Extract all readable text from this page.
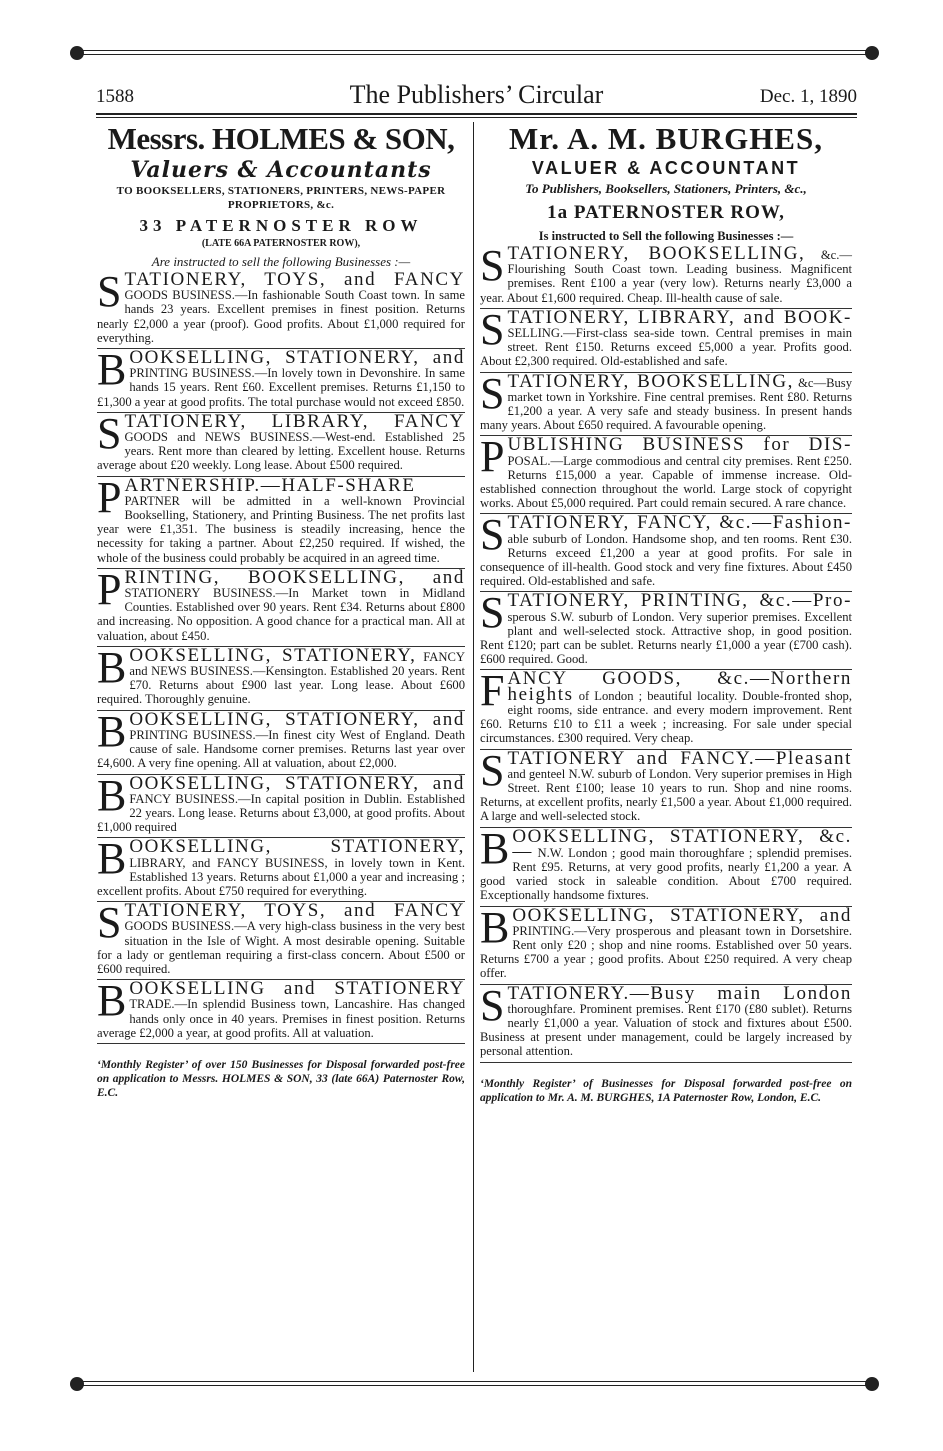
1588	The Publishers’ Circular	Dec. 1, 1890
Messrs. HOLMES & SON,
Valuers & Accountants
TO BOOKSELLERS, STATIONERS, PRINTERS, NEWS-PAPER PROPRIETORS, &c.
33 PATERNOSTER ROW
(LATE 66A PATERNOSTER ROW),
Are instructed to sell the following Businesses :—

STATIONERY, TOYS, and FANCY GOODS BUSINESS.—In fashionable South Coast town. In same hands 23 years. Excellent premises in finest position. Returns nearly £2,000 a year (proof). Good profits. About £1,000 required for everything.

BOOKSELLING, STATIONERY, and PRINTING BUSINESS.—In lovely town in Devonshire. In same hands 15 years. Rent £60. Excellent premises. Returns £1,150 to £1,300 a year at good profits. The total purchase would not exceed £850.

STATIONERY, LIBRARY, FANCY GOODS and NEWS BUSINESS.—West-end. Established 25 years. Rent more than cleared by letting. Excellent house. Returns average about £20 weekly. Long lease. About £500 required.

PARTNERSHIP.—HALF-SHARE PARTNER will be admitted in a well-known Provincial Bookselling, Stationery, and Printing Business. The net profits last year were £1,351. The business is steadily increasing, hence the necessity for taking a partner. About £2,250 required. If wished, the whole of the business could probably be acquired in an agreed time.

PRINTING, BOOKSELLING, and STATIONERY BUSINESS.—In Market town in Midland Counties. Established over 90 years. Rent £34. Returns about £800 and increasing. No opposition. A good chance for a practical man. All at valuation, about £450.

BOOKSELLING, STATIONERY, FANCY and NEWS BUSINESS.—Kensington. Established 20 years. Rent £70. Returns about £900 last year. Long lease. About £600 required. Thoroughly genuine.

BOOKSELLING, STATIONERY, and PRINTING BUSINESS.—In finest city West of England. Death cause of sale. Handsome corner premises. Returns last year over £4,600. A very fine opening. All at valuation, about £2,000.

BOOKSELLING, STATIONERY, and FANCY BUSINESS.—In capital position in Dublin. Established 22 years. Long lease. Returns about £3,000, at good profits. About £1,000 required

BOOKSELLING, STATIONERY, LIBRARY, and FANCY BUSINESS, in lovely town in Kent. Established 13 years. Returns about £1,000 a year and increasing ; excellent profits. About £750 required for everything.

STATIONERY, TOYS, and FANCY GOODS BUSINESS.—A very high-class business in the very best situation in the Isle of Wight. A most desirable opening. Suitable for a lady or gentleman requiring a first-class concern. About £500 or £600 required.

BOOKSELLING and STATIONERY TRADE.—In splendid Business town, Lancashire. Has changed hands only once in 40 years. Premises in finest position. Returns average £2,000 a year, at good profits. All at valuation.

‘Monthly Register’ of over 150 Businesses for Disposal forwarded post-free on application to Messrs. HOLMES & SON, 33 (late 66A) Paternoster Row, E.C.
Mr. A. M. BURGHES,
VALUER & ACCOUNTANT
To Publishers, Booksellers, Stationers, Printers, &c.,
1a PATERNOSTER ROW,
Is instructed to Sell the following Businesses :—

STATIONERY, BOOKSELLING, &c.—Flourishing South Coast town. Leading business. Magnificent premises. Rent £100 a year (very low). Returns nearly £3,000 a year. About £1,600 required. Cheap. Ill-health cause of sale.

STATIONERY, LIBRARY, and BOOK- SELLING.—First-class sea-side town. Central premises in main street. Rent £150. Returns exceed £5,000 a year. Profits good. About £2,300 required. Old-established and safe.

STATIONERY, BOOKSELLING, &c—Busy market town in Yorkshire. Fine central premises. Rent £80. Returns £1,200 a year. A very safe and steady business. In present hands many years. About £650 required. A favourable opening.

PUBLISHING BUSINESS for DIS- POSAL.—Large commodious and central city premises. Rent £250. Returns £15,000 a year. Capable of immense increase. Old-established connection throughout the world. Large stock of copyright works. About £5,000 required. Part could remain secured. A rare chance.

STATIONERY, FANCY, &c.—Fashion- able suburb of London. Handsome shop, and ten rooms. Rent £30. Returns exceed £1,200 a year at good profits. For sale in consequence of ill-health. Good stock and very fine fixtures. About £450 required. Old-established and safe.

STATIONERY, PRINTING, &c.—Pro- sperous S.W. suburb of London. Very superior premises. Excellent plant and well-selected stock. Attractive shop, in good position. Rent £120; part can be sublet. Returns nearly £1,000 a year (£700 cash). £600 required. Good.

FANCY GOODS, &c.—Northern heights of London ; beautiful locality. Double-fronted shop, eight rooms, side entrance. and every modern improvement. Rent £60. Returns £10 to £11 a week ; increasing. For sale under special circumstances. £300 required. Very cheap.

STATIONERY and FANCY.—Pleasant and genteel N.W. suburb of London. Very superior premises in High Street. Rent £100; lease 10 years to run. Shop and nine rooms. Returns, at excellent profits, nearly £1,500 a year. About £1,000 required. A large and well-selected stock.

BOOKSELLING, STATIONERY, &c.— N.W. London ; good main thoroughfare ; splendid premises. Rent £95. Returns, at very good profits, nearly £1,200 a year. A good varied stock in saleable condition. About £700 required. Exceptionally handsome fixtures.

BOOKSELLING, STATIONERY, and PRINTING.—Very prosperous and pleasant town in Dorsetshire. Rent only £20 ; shop and nine rooms. Established over 50 years. Returns £700 a year ; good profits. About £250 required. A very cheap offer.

STATIONERY.—Busy main London thoroughfare. Prominent premises. Rent £170 (£80 sublet). Returns nearly £1,000 a year. Valuation of stock and fixtures about £500. Business at present under management, could be largely increased by personal attention.

‘Monthly Register’ of Businesses for Disposal forwarded post-free on application to Mr. A. M. BURGHES, 1A Paternoster Row, London, E.C.
